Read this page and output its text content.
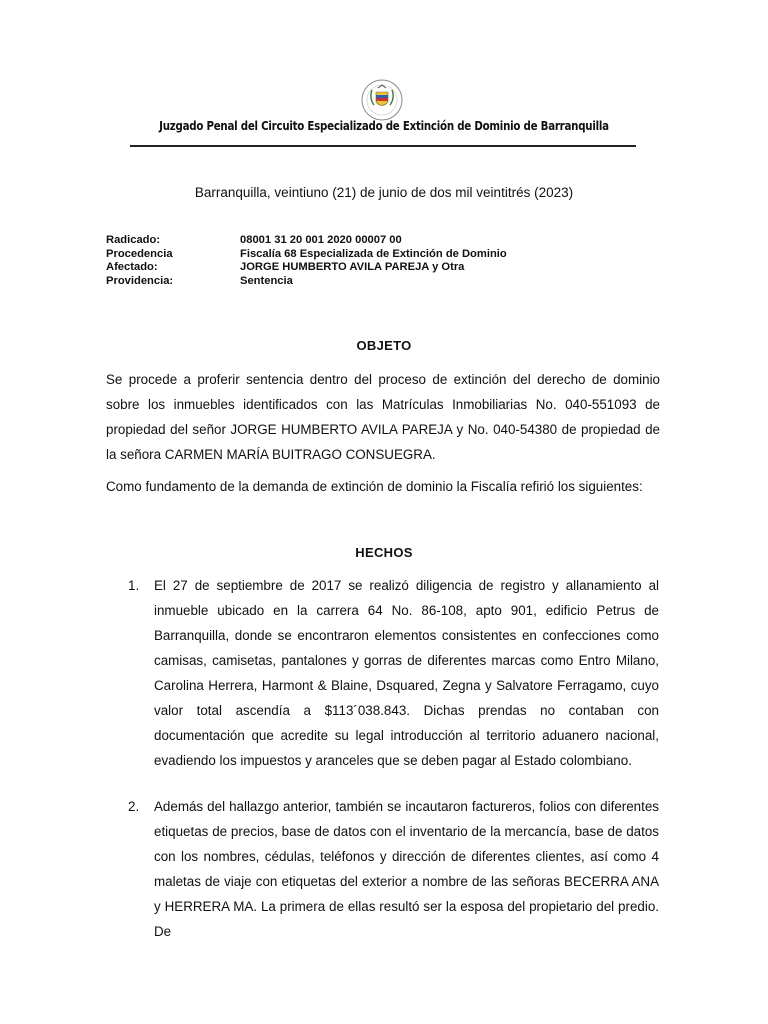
Juzgado Penal del Circuito Especializado de Extinción de Dominio de Barranquilla
Barranquilla, veintiuno (21) de junio de dos mil veintitrés (2023)
Radicado:	08001 31 20 001 2020 00007 00
Procedencia	Fiscalía 68 Especializada de Extinción de Dominio
Afectado:	JORGE HUMBERTO AVILA PAREJA y Otra
Providencia:	Sentencia
OBJETO

Se procede a proferir sentencia dentro del proceso de extinción del derecho de dominio sobre los inmuebles identificados con las Matrículas Inmobiliarias No. 040-551093 de propiedad del señor JORGE HUMBERTO AVILA PAREJA y No. 040-54380 de propiedad de la señora CARMEN MARÍA BUITRAGO CONSUEGRA.

Como fundamento de la demanda de extinción de dominio la Fiscalía refirió los siguientes:

HECHOS
1. El 27 de septiembre de 2017 se realizó diligencia de registro y allanamiento al inmueble ubicado en la carrera 64 No. 86-108, apto 901, edificio Petrus de Barranquilla, donde se encontraron elementos consistentes en confecciones como camisas, camisetas, pantalones y gorras de diferentes marcas como Entro Milano, Carolina Herrera, Harmont & Blaine, Dsquared, Zegna y Salvatore Ferragamo, cuyo valor total ascendía a $113´038.843. Dichas prendas no contaban con documentación que acredite su legal introducción al territorio aduanero nacional, evadiendo los impuestos y aranceles que se deben pagar al Estado colombiano.
2. Además del hallazgo anterior, también se incautaron factureros, folios con diferentes etiquetas de precios, base de datos con el inventario de la mercancía, base de datos con los nombres, cédulas, teléfonos y dirección de diferentes clientes, así como 4 maletas de viaje con etiquetas del exterior a nombre de las señoras BECERRA ANA y HERRERA MA. La primera de ellas resultó ser la esposa del propietario del predio. De
